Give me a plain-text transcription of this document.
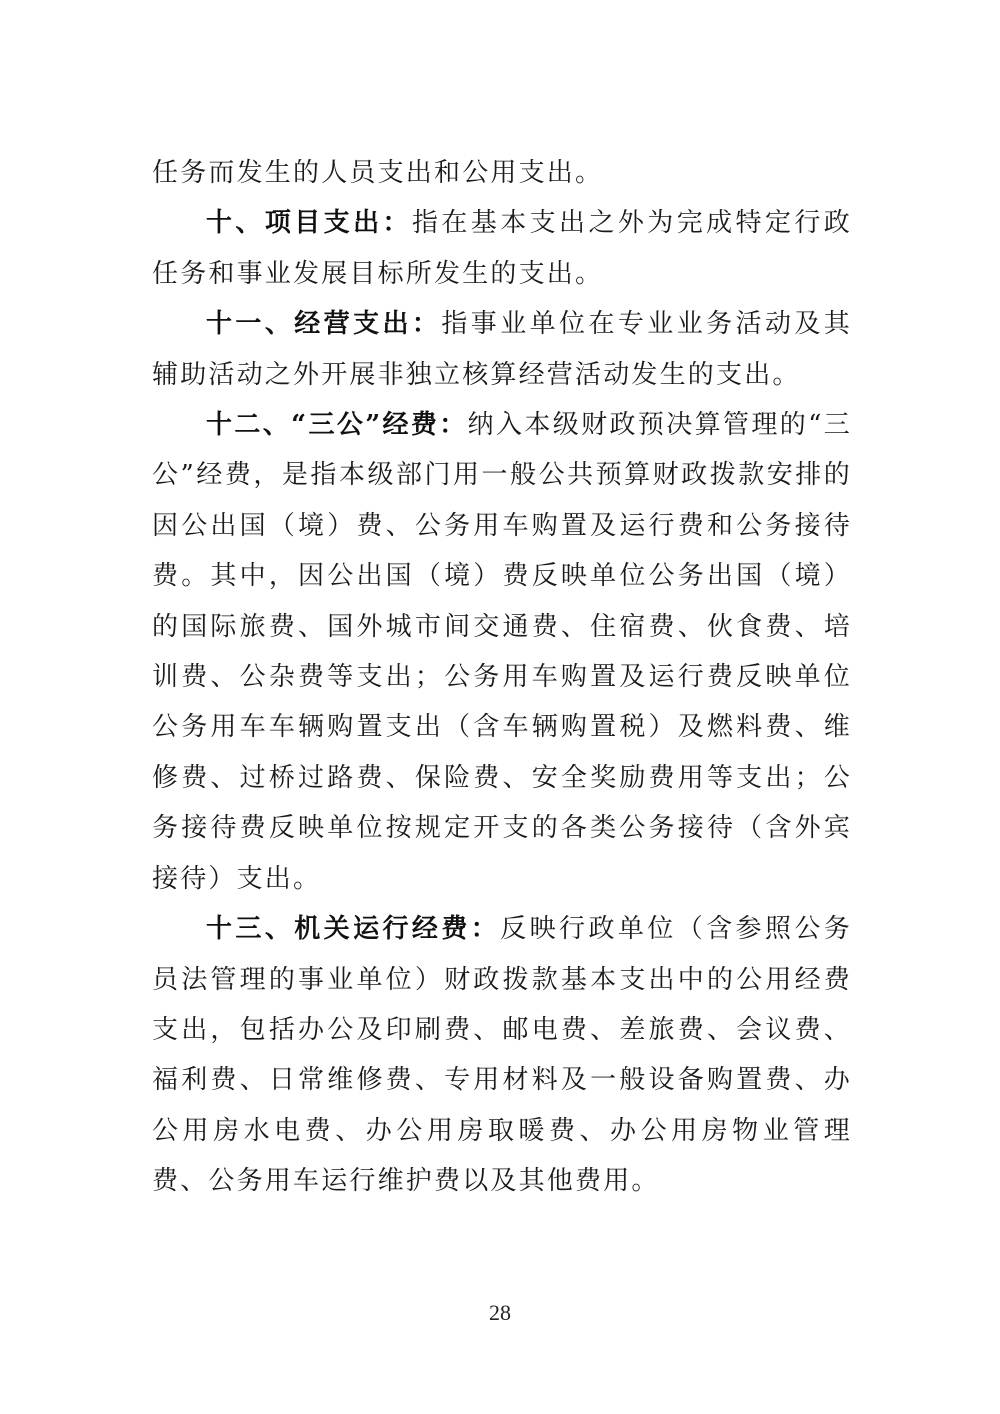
任务而发生的人员支出和公用支出。

十、项目支出：指在基本支出之外为完成特定行政任务和事业发展目标所发生的支出。

十一、经营支出：指事业单位在专业业务活动及其辅助活动之外开展非独立核算经营活动发生的支出。

十二、“三公”经费：纳入本级财政预决算管理的“三公”经费，是指本级部门用一般公共预算财政拨款安排的因公出国（境）费、公务用车购置及运行费和公务接待费。其中，因公出国（境）费反映单位公务出国（境）的国际旅费、国外城市间交通费、住宿费、伙食费、培训费、公杂费等支出；公务用车购置及运行费反映单位公务用车车辆购置支出（含车辆购置税）及燃料费、维修费、过桥过路费、保险费、安全奖励费用等支出；公务接待费反映单位按规定开支的各类公务接待（含外宾接待）支出。

十三、机关运行经费：反映行政单位（含参照公务员法管理的事业单位）财政拨款基本支出中的公用经费支出，包括办公及印刷费、邮电费、差旅费、会议费、福利费、日常维修费、专用材料及一般设备购置费、办公用房水电费、办公用房取暖费、办公用房物业管理费、公务用车运行维护费以及其他费用。

28
